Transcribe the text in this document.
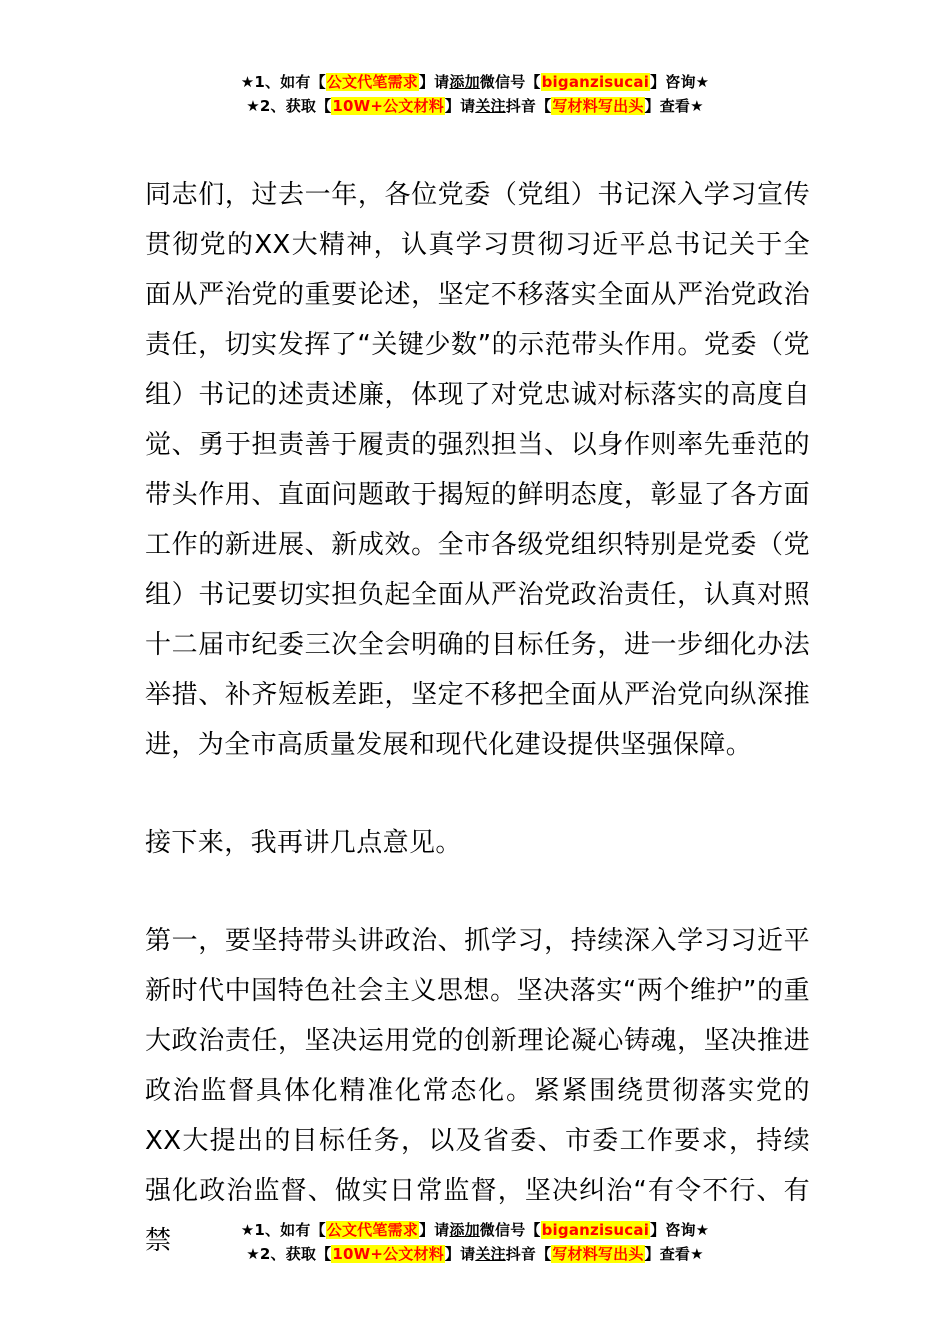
★1、如有【公文代笔需求】请添加微信号【biganzisucai】咨询★
★2、获取【10W+公文材料】请关注抖音【写材料写出头】查看★

同志们，过去一年，各位党委（党组）书记深入学习宣传贯彻党的XX大精神，认真学习贯彻习近平总书记关于全面从严治党的重要论述，坚定不移落实全面从严治党政治责任，切实发挥了“关键少数”的示范带头作用。党委（党组）书记的述责述廉，体现了对党忠诚对标落实的高度自觉、勇于担责善于履责的强烈担当、以身作则率先垂范的带头作用、直面问题敢于揭短的鲜明态度，彰显了各方面工作的新进展、新成效。全市各级党组织特别是党委（党组）书记要切实担负起全面从严治党政治责任，认真对照十二届市纪委三次全会明确的目标任务，进一步细化办法举措、补齐短板差距，坚定不移把全面从严治党向纵深推进，为全市高质量发展和现代化建设提供坚强保障。

接下来，我再讲几点意见。

第一，要坚持带头讲政治、抓学习，持续深入学习习近平新时代中国特色社会主义思想。坚决落实“两个维护”的重大政治责任，坚决运用党的创新理论凝心铸魂，坚决推进政治监督具体化精准化常态化。紧紧围绕贯彻落实党的XX大提出的目标任务，以及省委、市委工作要求，持续强化政治监督、做实日常监督，坚决纠治“有令不行、有禁	★1、如有【公文代笔需求】请添加微信号【biganzisucai】咨询★
★2、获取【10W+公文材料】请关注抖音【写材料写出头】查看★
